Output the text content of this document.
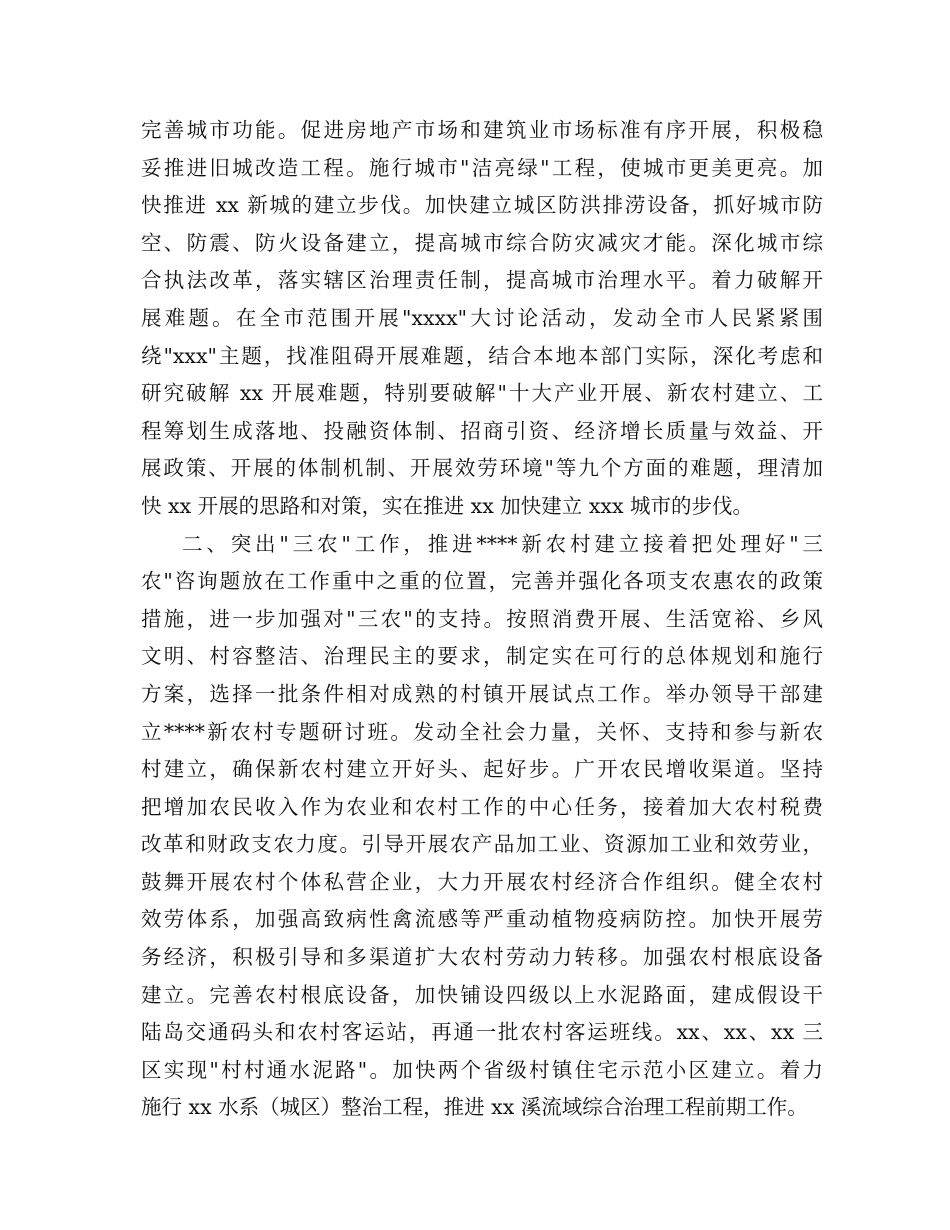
完善城市功能。促进房地产市场和建筑业市场标准有序开展，积极稳
妥推进旧城改造工程。施行城市"洁亮绿"工程，使城市更美更亮。加
快推进 xx 新城的建立步伐。加快建立城区防洪排涝设备，抓好城市防
空、防震、防火设备建立，提高城市综合防灾减灾才能。深化城市综
合执法改革，落实辖区治理责任制，提高城市治理水平。着力破解开
展难题。在全市范围开展"xxxx"大讨论活动，发动全市人民紧紧围
绕"xxx"主题，找准阻碍开展难题，结合本地本部门实际，深化考虑和
研究破解 xx 开展难题，特别要破解"十大产业开展、新农村建立、工
程筹划生成落地、投融资体制、招商引资、经济增长质量与效益、开
展政策、开展的体制机制、开展效劳环境"等九个方面的难题，理清加
快 xx 开展的思路和对策，实在推进 xx 加快建立 xxx 城市的步伐。
二、突出"三农"工作，推进****新农村建立接着把处理好"三
农"咨询题放在工作重中之重的位置，完善并强化各项支农惠农的政策
措施，进一步加强对"三农"的支持。按照消费开展、生活宽裕、乡风
文明、村容整洁、治理民主的要求，制定实在可行的总体规划和施行
方案，选择一批条件相对成熟的村镇开展试点工作。举办领导干部建
立****新农村专题研讨班。发动全社会力量，关怀、支持和参与新农
村建立，确保新农村建立开好头、起好步。广开农民增收渠道。坚持
把增加农民收入作为农业和农村工作的中心任务，接着加大农村税费
改革和财政支农力度。引导开展农产品加工业、资源加工业和效劳业，
鼓舞开展农村个体私营企业，大力开展农村经济合作组织。健全农村
效劳体系，加强高致病性禽流感等严重动植物疫病防控。加快开展劳
务经济，积极引导和多渠道扩大农村劳动力转移。加强农村根底设备
建立。完善农村根底设备，加快铺设四级以上水泥路面，建成假设干
陆岛交通码头和农村客运站，再通一批农村客运班线。xx、xx、xx 三
区实现"村村通水泥路"。加快两个省级村镇住宅示范小区建立。着力
施行 xx 水系（城区）整治工程，推进 xx 溪流域综合治理工程前期工作。
